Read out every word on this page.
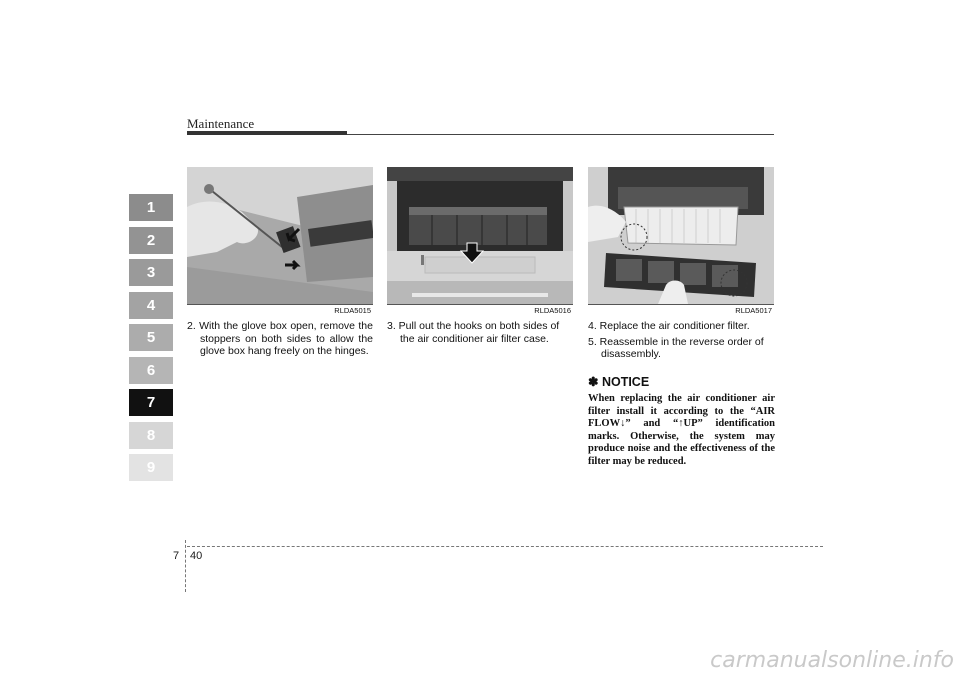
Maintenance
1
2
3
4
5
6
7
8
9
RLDA5015	RLDA5016	RLDA5017

2. With the glove box open, remove the stoppers on both sides to allow the glove box hang freely on the hinges.

3. Pull out the hooks on both sides of the air conditioner air filter case.

4. Replace the air conditioner filter.

5. Reassemble in the reverse order of disassembly.

✽ NOTICE
When replacing the air conditioner air filter install it according to the “AIR FLOW↓” and “↑UP” identification marks. Otherwise, the system may produce noise and the effectiveness of the filter may be reduced.
7 40
carmanualsonline.info
